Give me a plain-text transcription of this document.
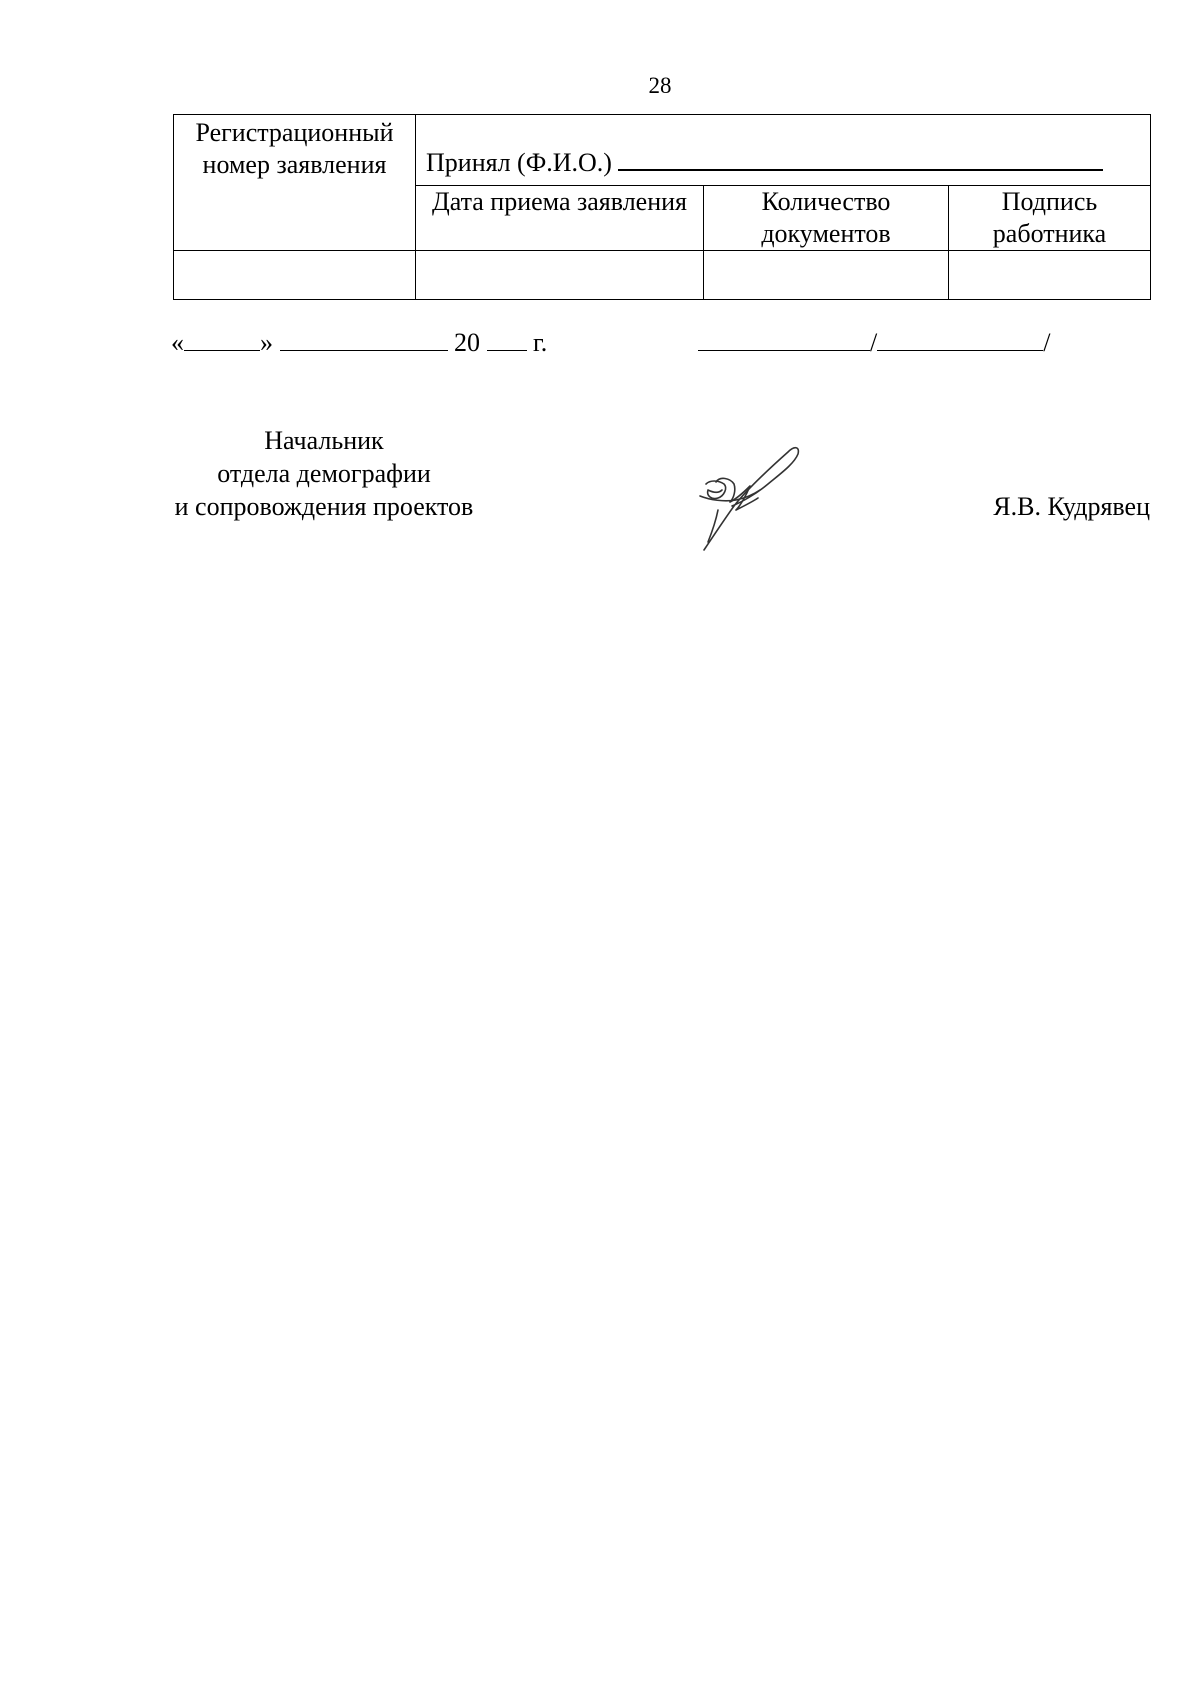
28
Регистрационный номер заявления	Принял (Ф.И.О.)		
	Дата приема заявления	Количество документов	Подпись работника

«	»	20 г.	/	/
Начальник
отдела демографии
и сопровождения проектов	Я.В. Кудрявец
